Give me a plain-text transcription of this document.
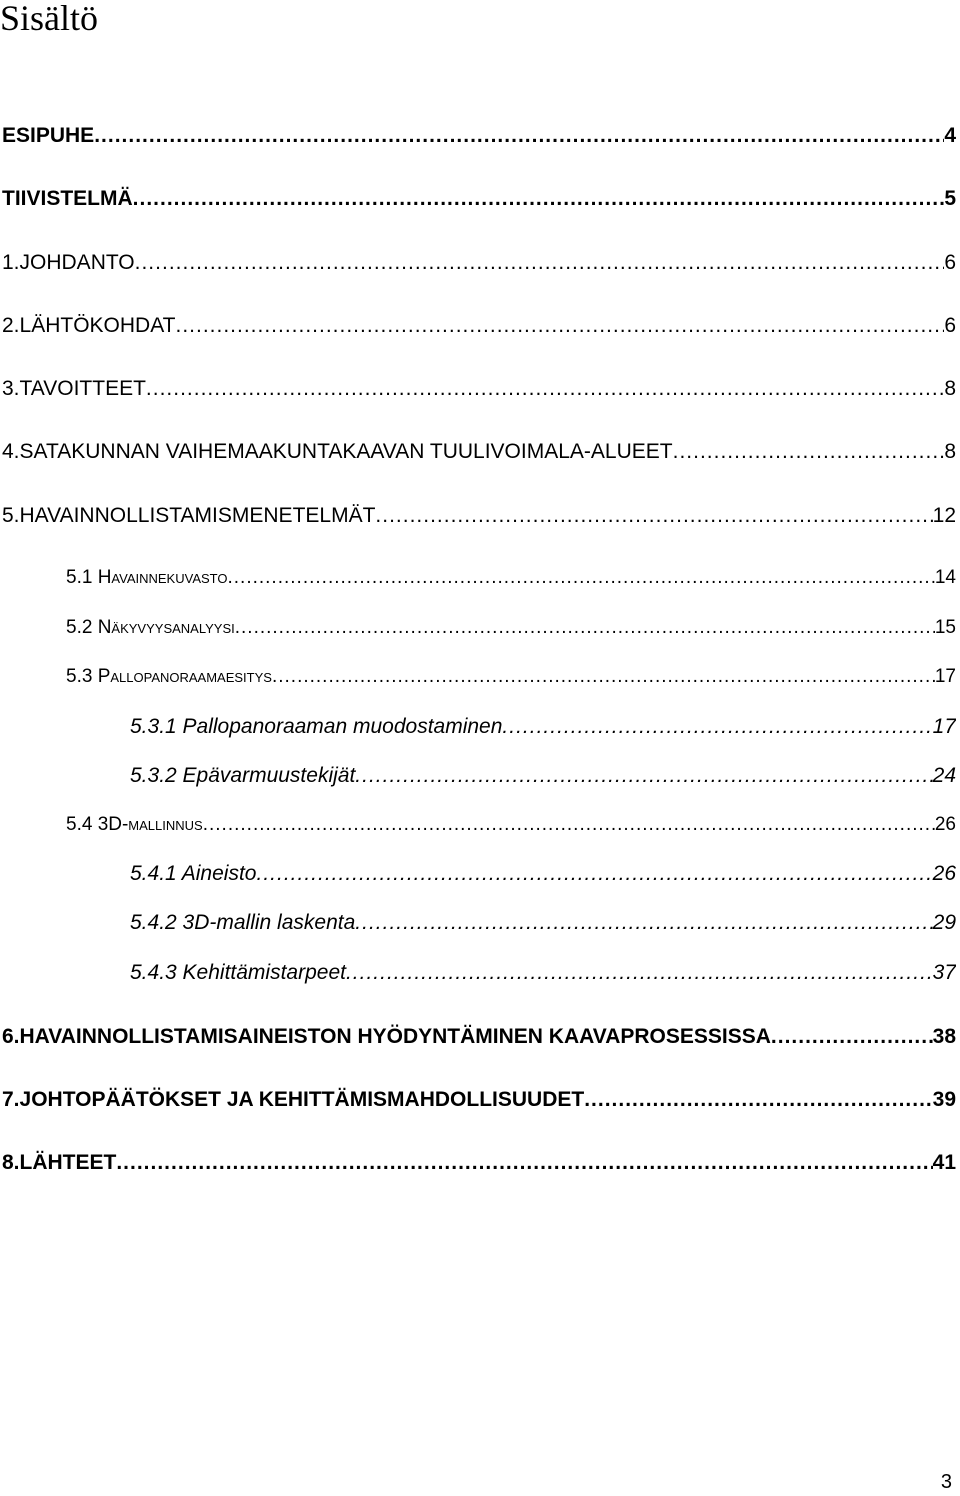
Sisältö
ESIPUHE .....	4
TIIVISTELMÄ .....	5
1. JOHDANTO .....	6
2. LÄHTÖKOHDAT .....	6
3. TAVOITTEET .....	8
4. SATAKUNNAN VAIHEMAAKUNTAKAAVAN TUULIVOIMALA-ALUEET .....	8
5. HAVAINNOLLISTAMISMENETELMÄT .....	12
5.1 Havainnekuvasto .....	14
5.2 Näkyvyysanalyysi .....	15
5.3 Pallopanoraamaesitys .....	17
5.3.1 Pallopanoraaman muodostaminen .....	17
5.3.2 Epävarmuustekijät .....	24
5.4 3D-mallinnus .....	26
5.4.1 Aineisto .....	26
5.4.2 3D-mallin laskenta .....	29
5.4.3 Kehittämistarpeet .....	37
6. HAVAINNOLLISTAMISAINEISTON HYÖDYNTÄMINEN KAAVAPROSESSISSA .....	38
7. JOHTOPÄÄTÖKSET JA KEHITTÄMISMAHDOLLISUUDET .....	39
8. LÄHTEET .....	41
3
